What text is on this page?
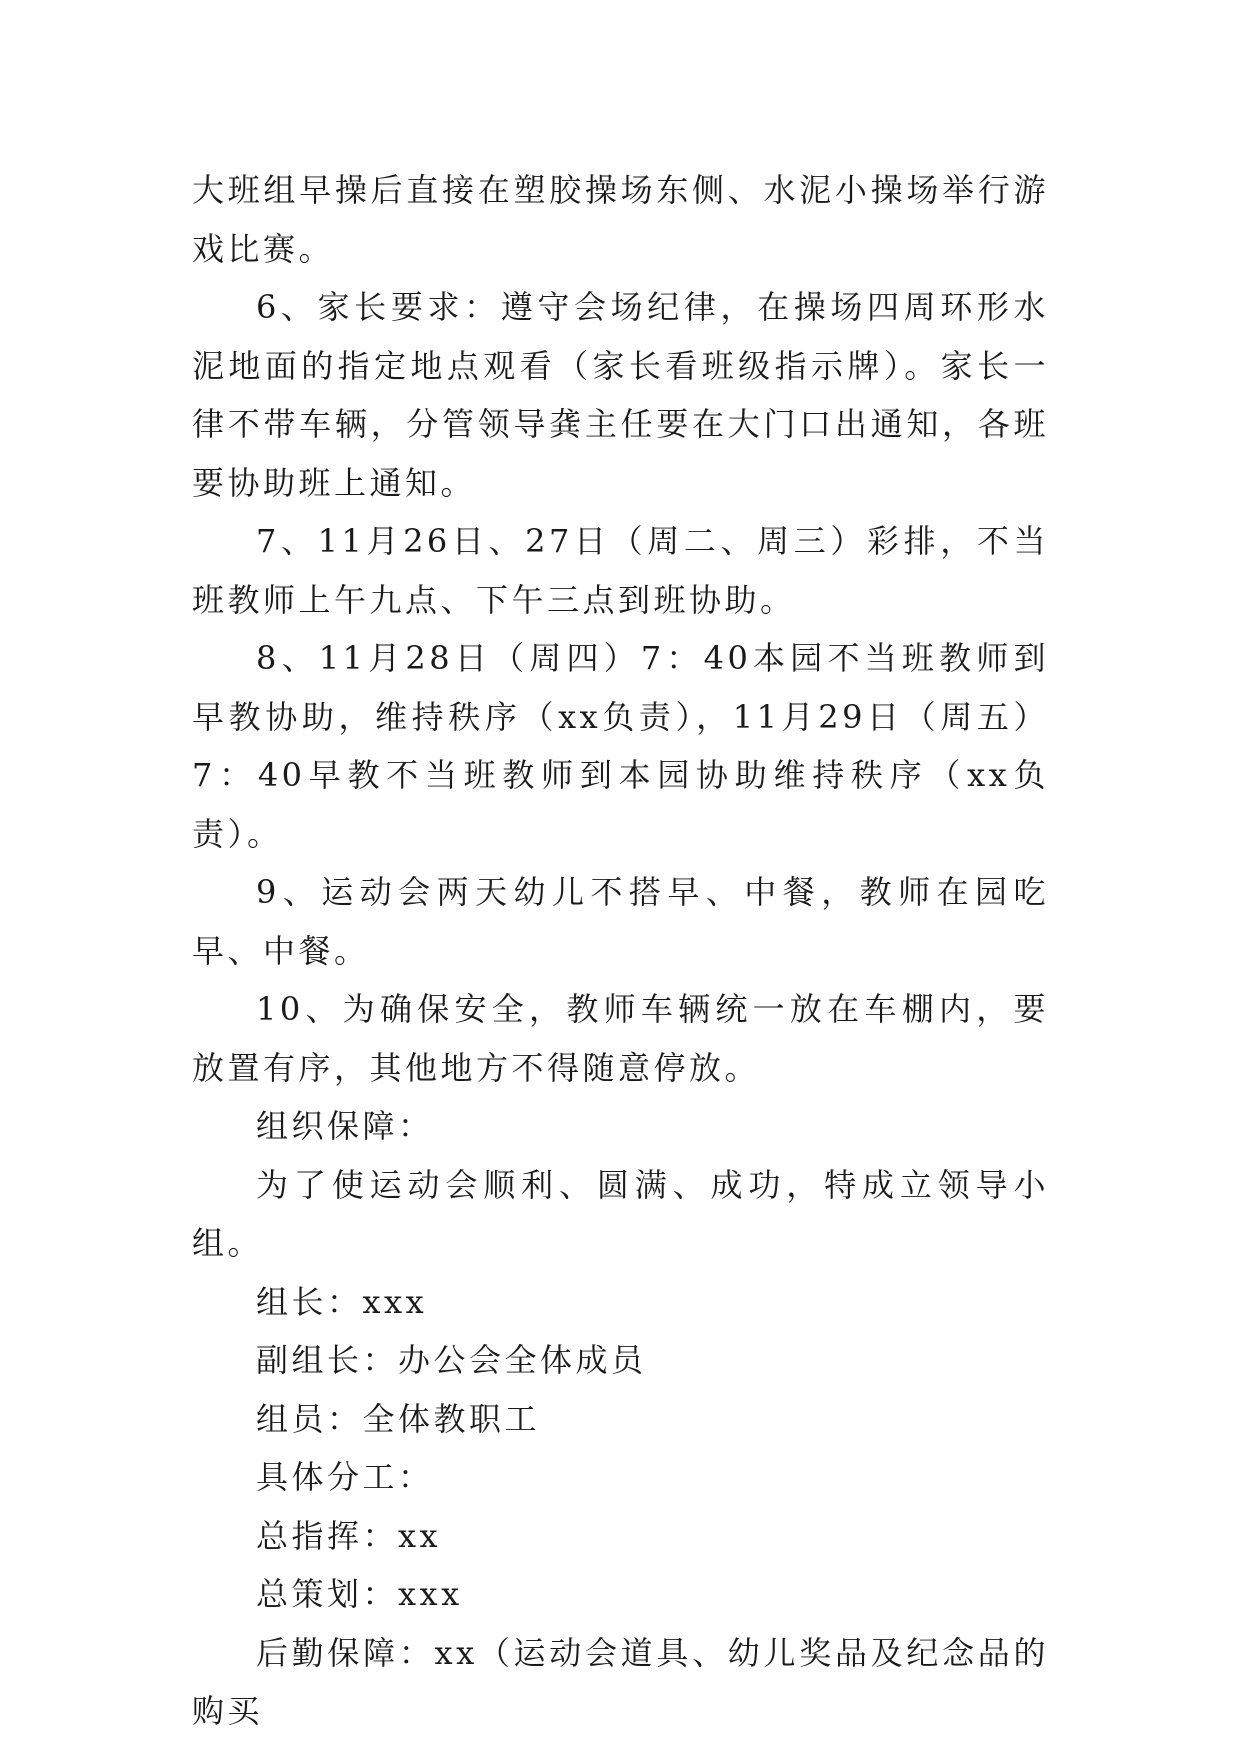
大班组早操后直接在塑胶操场东侧、水泥小操场举行游戏比赛。

6、家长要求：遵守会场纪律，在操场四周环形水泥地面的指定地点观看（家长看班级指示牌）。家长一律不带车辆，分管领导龚主任要在大门口出通知，各班要协助班上通知。

7、11月26日、27日（周二、周三）彩排，不当班教师上午九点、下午三点到班协助。

8、11月28日（周四）7：40本园不当班教师到早教协助，维持秩序（xx负责），11月29日（周五）7：40早教不当班教师到本园协助维持秩序（xx负责）。

9、运动会两天幼儿不搭早、中餐，教师在园吃早、中餐。

10、为确保安全，教师车辆统一放在车棚内，要放置有序，其他地方不得随意停放。

组织保障：

为了使运动会顺利、圆满、成功，特成立领导小组。

组长：xxx

副组长：办公会全体成员

组员：全体教职工

具体分工：

总指挥：xx

总策划：xxx

后勤保障：xx（运动会道具、幼儿奖品及纪念品的购买
